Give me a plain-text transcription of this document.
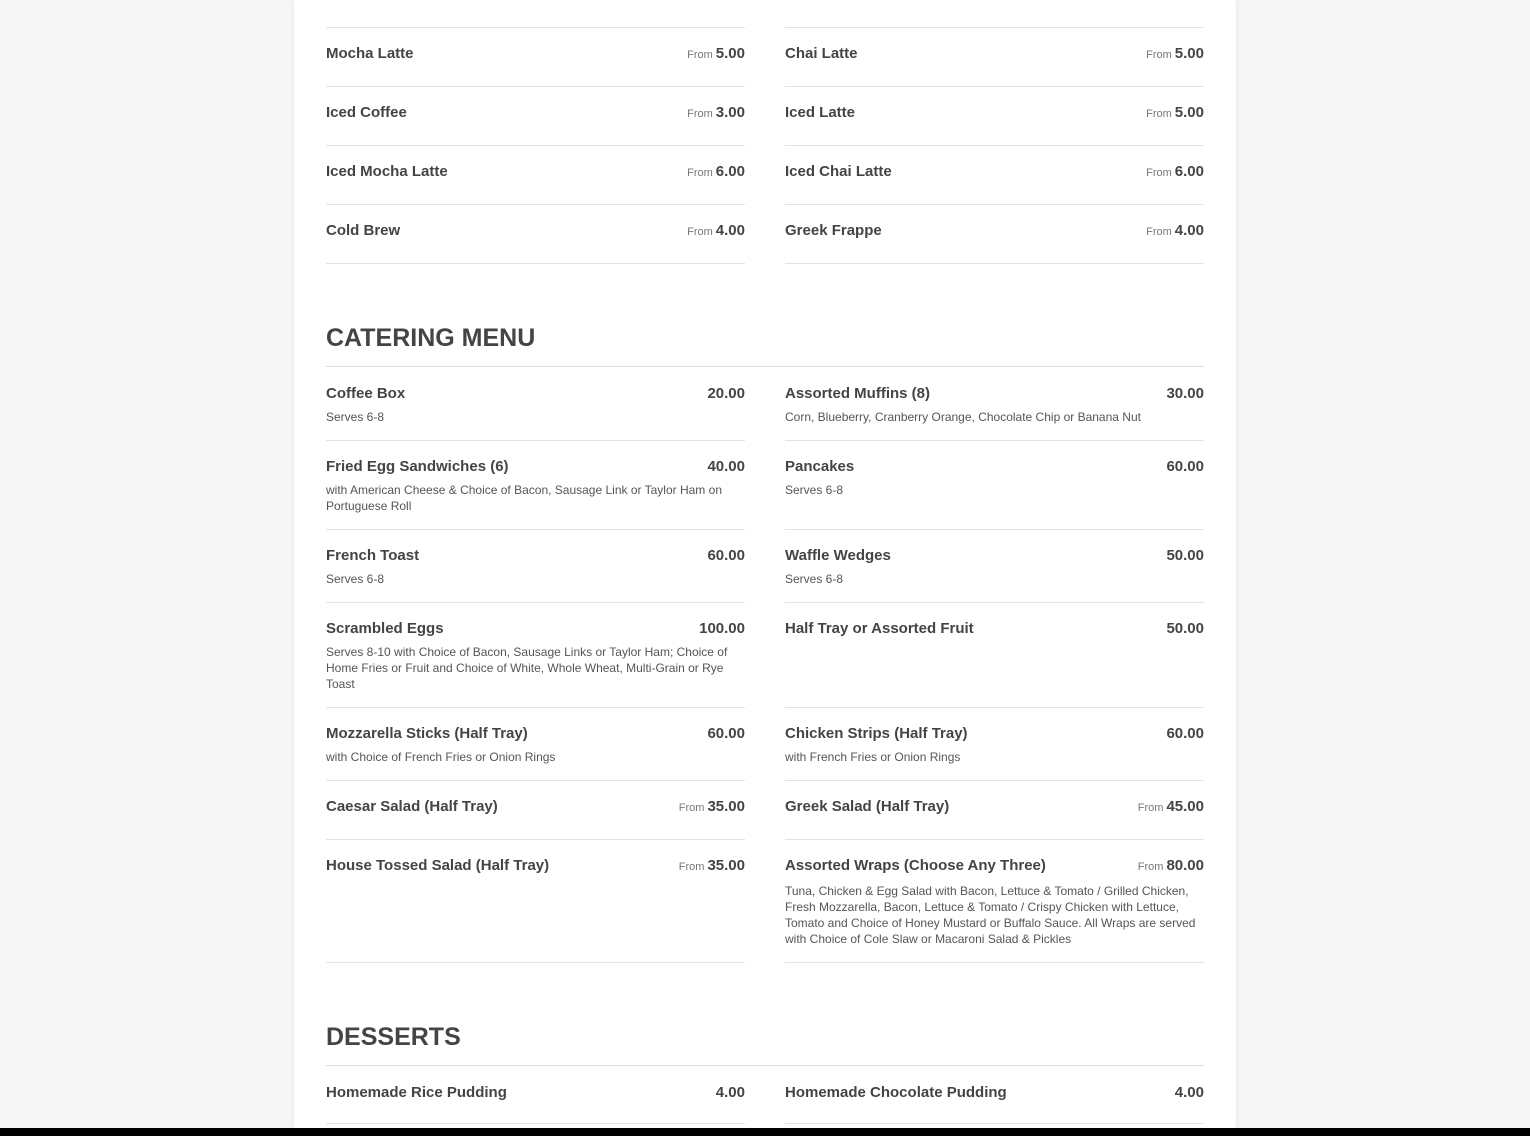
Mocha Latte	From 5.00	Chai Latte	From 5.00
Iced Coffee	From 3.00	Iced Latte	From 5.00
Iced Mocha Latte	From 6.00	Iced Chai Latte	From 6.00
Cold Brew	From 4.00	Greek Frappe	From 4.00
CATERING MENU
Coffee Box	20.00
Serves 6-8
Assorted Muffins (8)	30.00
Corn, Blueberry, Cranberry Orange, Chocolate Chip or Banana Nut
Fried Egg Sandwiches (6)	40.00
with American Cheese & Choice of Bacon, Sausage Link or Taylor Ham on Portuguese Roll
Pancakes	60.00
Serves 6-8
French Toast	60.00
Serves 6-8
Waffle Wedges	50.00
Serves 6-8
Scrambled Eggs	100.00
Serves 8-10 with Choice of Bacon, Sausage Links or Taylor Ham; Choice of Home Fries or Fruit and Choice of White, Whole Wheat, Multi-Grain or Rye Toast
Half Tray or Assorted Fruit	50.00
Mozzarella Sticks (Half Tray)	60.00
with Choice of French Fries or Onion Rings
Chicken Strips (Half Tray)	60.00
with French Fries or Onion Rings
Caesar Salad (Half Tray)	From 35.00	Greek Salad (Half Tray)	From 45.00
House Tossed Salad (Half Tray)	From 35.00	Assorted Wraps (Choose Any Three)	From 80.00
Tuna, Chicken & Egg Salad with Bacon, Lettuce & Tomato / Grilled Chicken, Fresh Mozzarella, Bacon, Lettuce & Tomato / Crispy Chicken with Lettuce, Tomato and Choice of Honey Mustard or Buffalo Sauce. All Wraps are served with Choice of Cole Slaw or Macaroni Salad & Pickles
DESSERTS
Homemade Rice Pudding	4.00	Homemade Chocolate Pudding	4.00
